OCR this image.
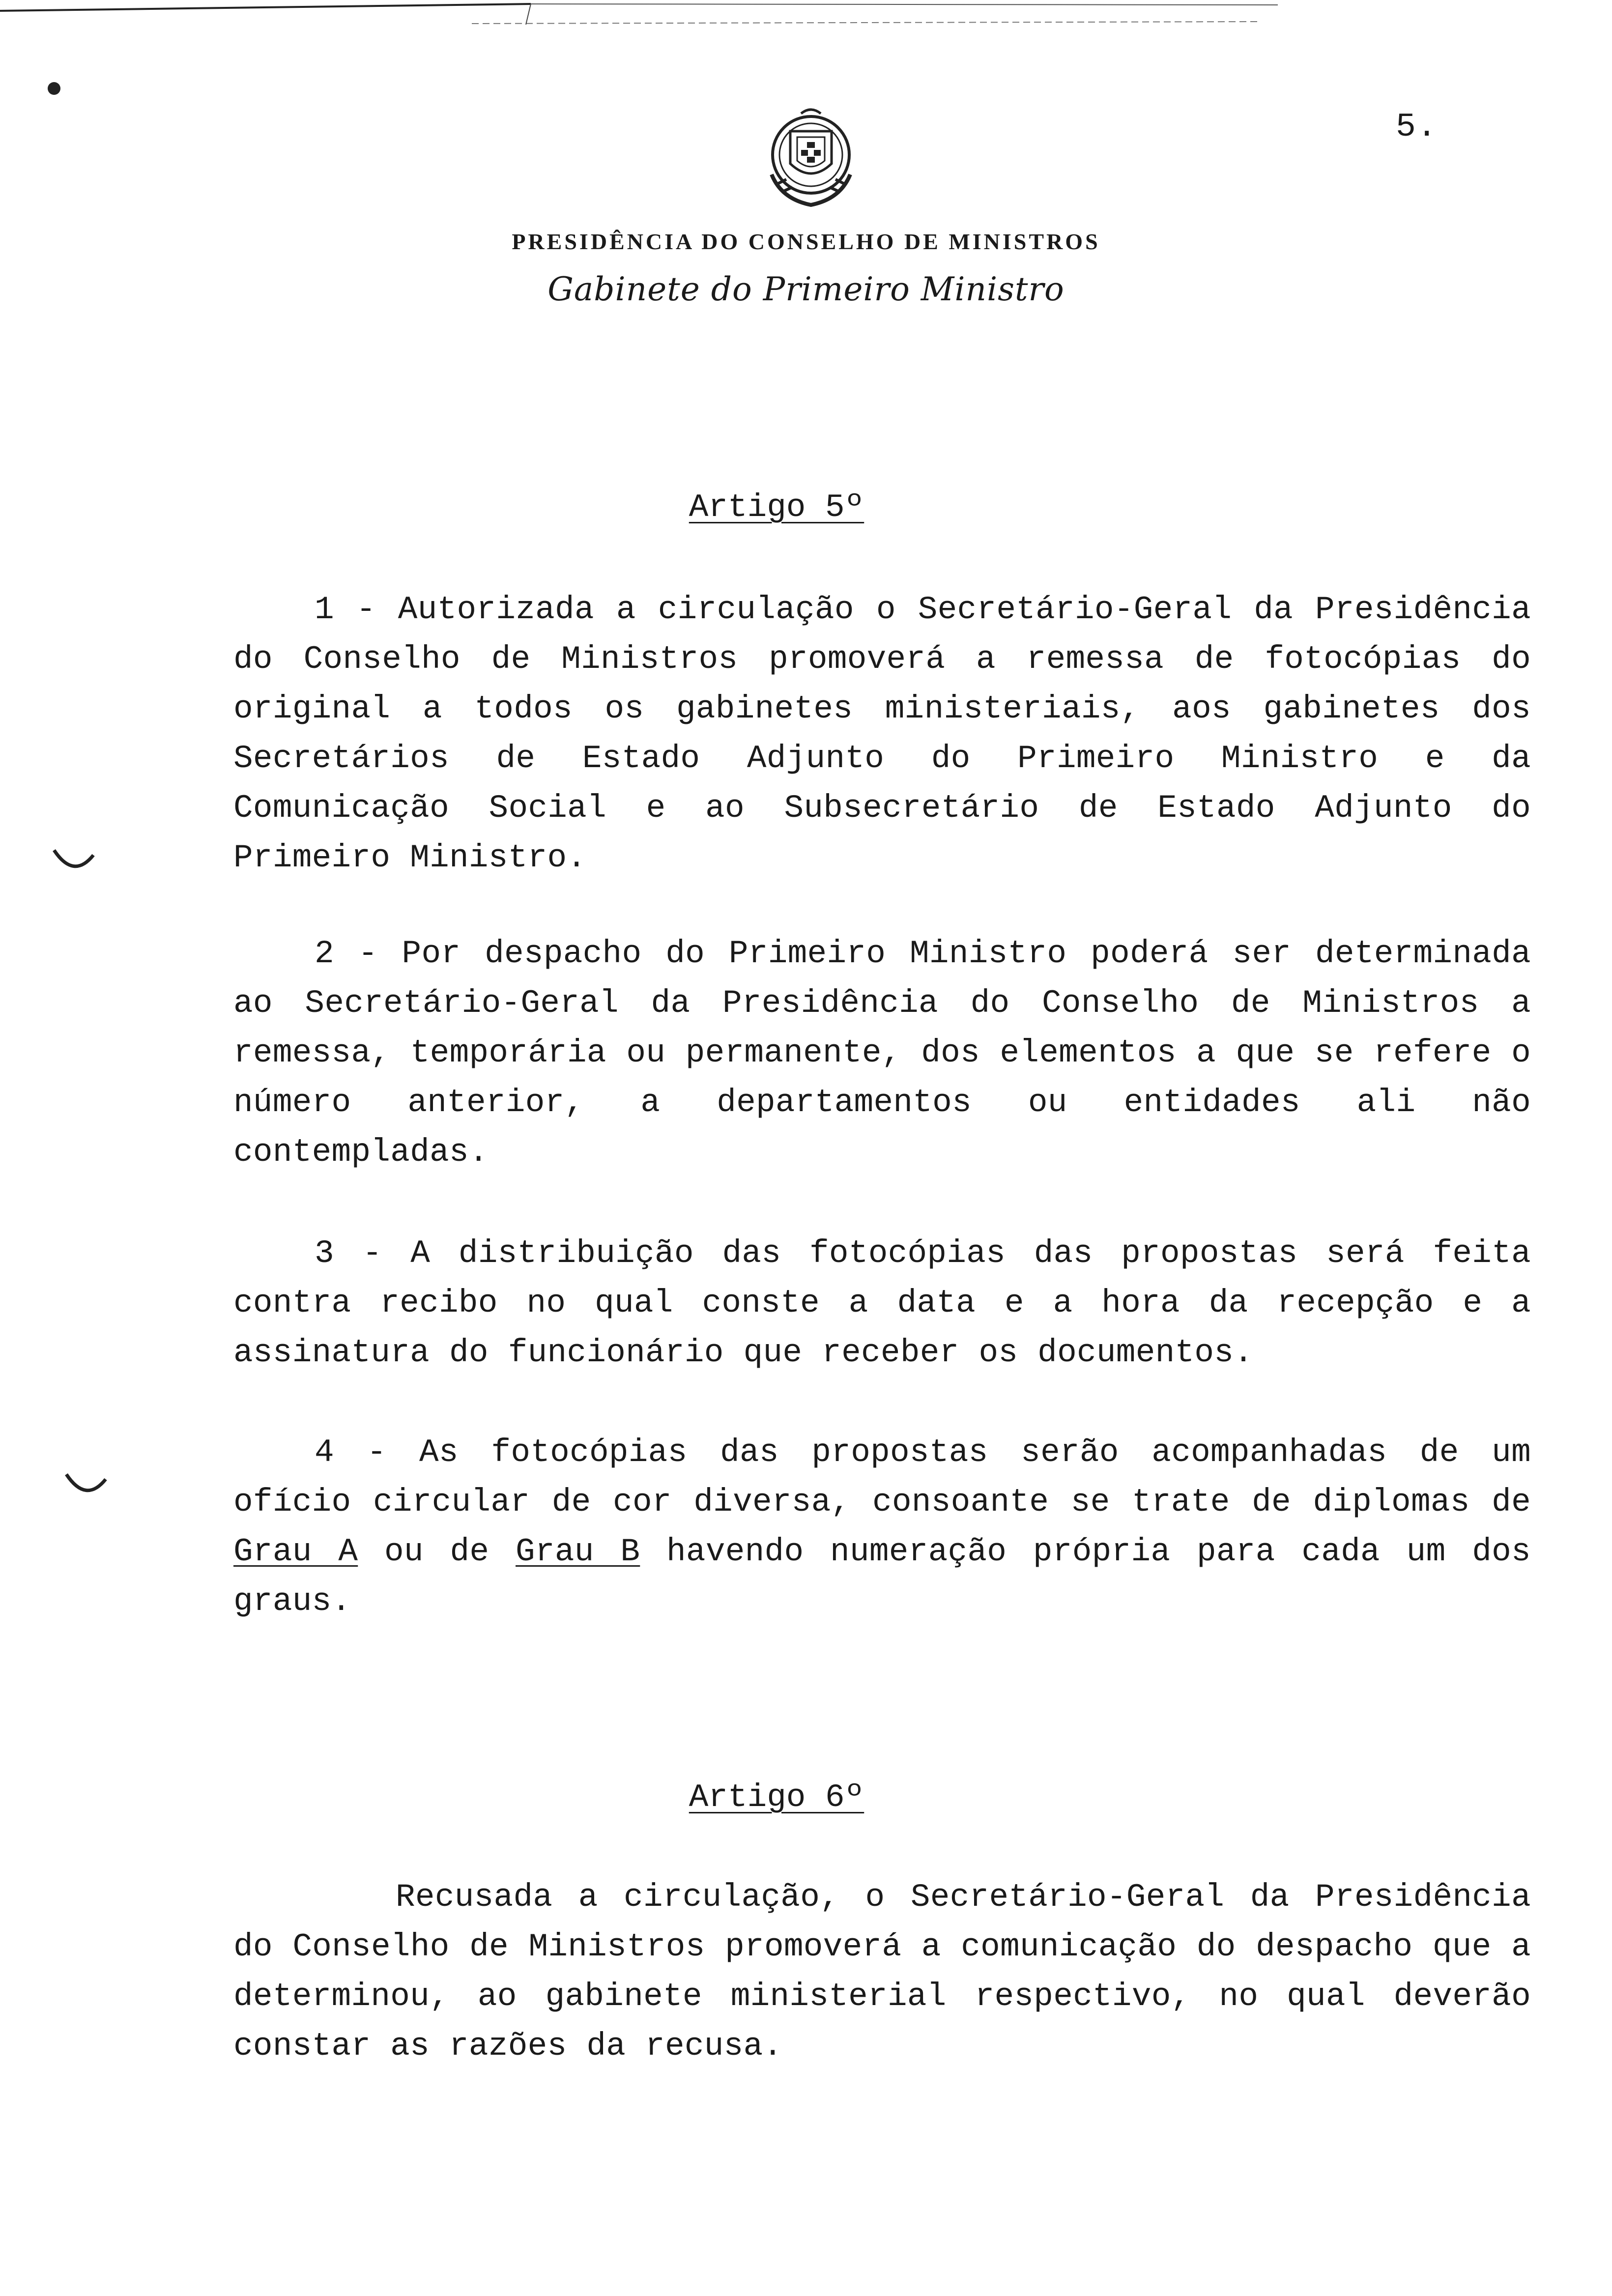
5.
PRESIDÊNCIA DO CONSELHO DE MINISTROS
Gabinete do Primeiro Ministro
Artigo 5º
1 - Autorizada a circulação o Secretário-Geral da Presidência do Conselho de Ministros promoverá a remessa de fotocópias do original a todos os gabinetes ministeriais, aos gabinetes dos Secretários de Estado Adjunto do Primeiro Ministro e da Comunicação Social e ao Subsecretário de Estado Adjunto do Primeiro Ministro.
2 - Por despacho do Primeiro Ministro poderá ser determinada ao Secretário-Geral da Presidência do Conselho de Ministros a remessa, temporária ou permanente, dos elementos a que se refere o número anterior, a departamentos ou entidades ali não contempladas.
3 - A distribuição das fotocópias das propostas será feita contra recibo no qual conste a data e a hora da recepção e a assinatura do funcionário que receber os documentos.
4 - As fotocópias das propostas serão acompanhadas de um ofício circular de cor diversa, consoante se trate de diplomas de Grau A ou de Grau B havendo numeração própria para cada um dos graus.
Artigo 6º
Recusada a circulação, o Secretário-Geral da Presidência do Conselho de Ministros promoverá a comunicação do despacho que a determinou, ao gabinete ministerial respectivo, no qual deverão constar as razões da recusa.
